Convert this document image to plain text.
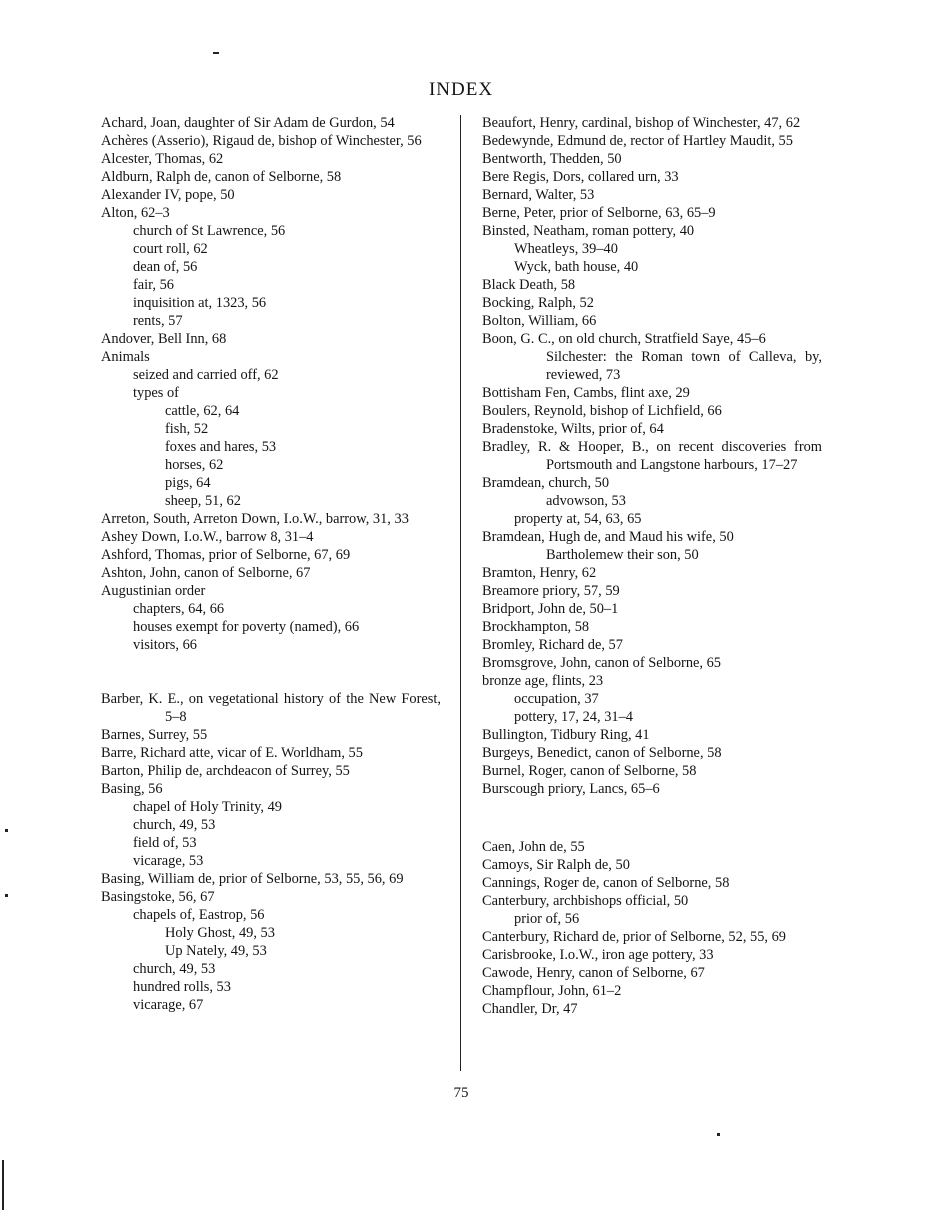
INDEX
Achard, Joan, daughter of Sir Adam de Gurdon, 54
Achères (Asserio), Rigaud de, bishop of Winchester, 56
Alcester, Thomas, 62
Aldburn, Ralph de, canon of Selborne, 58
Alexander IV, pope, 50
Alton, 62–3
church of St Lawrence, 56
court roll, 62
dean of, 56
fair, 56
inquisition at, 1323, 56
rents, 57
Andover, Bell Inn, 68
Animals
seized and carried off, 62
types of
cattle, 62, 64
fish, 52
foxes and hares, 53
horses, 62
pigs, 64
sheep, 51, 62
Arreton, South, Arreton Down, I.o.W., barrow, 31, 33
Ashey Down, I.o.W., barrow 8, 31–4
Ashford, Thomas, prior of Selborne, 67, 69
Ashton, John, canon of Selborne, 67
Augustinian order
chapters, 64, 66
houses exempt for poverty (named), 66
visitors, 66
Barber, K. E., on vegetational history of the New Forest, 5–8
Barnes, Surrey, 55
Barre, Richard atte, vicar of E. Worldham, 55
Barton, Philip de, archdeacon of Surrey, 55
Basing, 56
chapel of Holy Trinity, 49
church, 49, 53
field of, 53
vicarage, 53
Basing, William de, prior of Selborne, 53, 55, 56, 69
Basingstoke, 56, 67
chapels of, Eastrop, 56
Holy Ghost, 49, 53
Up Nately, 49, 53
church, 49, 53
hundred rolls, 53
vicarage, 67
Beaufort, Henry, cardinal, bishop of Winchester, 47, 62
Bedewynde, Edmund de, rector of Hartley Maudit, 55
Bentworth, Thedden, 50
Bere Regis, Dors, collared urn, 33
Bernard, Walter, 53
Berne, Peter, prior of Selborne, 63, 65–9
Binsted, Neatham, roman pottery, 40
Wheatleys, 39–40
Wyck, bath house, 40
Black Death, 58
Bocking, Ralph, 52
Bolton, William, 66
Boon, G. C., on old church, Stratfield Saye, 45–6
Silchester: the Roman town of Calleva, by, reviewed, 73
Bottisham Fen, Cambs, flint axe, 29
Boulers, Reynold, bishop of Lichfield, 66
Bradenstoke, Wilts, prior of, 64
Bradley, R. & Hooper, B., on recent discoveries from Portsmouth and Langstone harbours, 17–27
Bramdean, church, 50
advowson, 53
property at, 54, 63, 65
Bramdean, Hugh de, and Maud his wife, 50
Bartholemew their son, 50
Bramton, Henry, 62
Breamore priory, 57, 59
Bridport, John de, 50–1
Brockhampton, 58
Bromley, Richard de, 57
Bromsgrove, John, canon of Selborne, 65
bronze age, flints, 23
occupation, 37
pottery, 17, 24, 31–4
Bullington, Tidbury Ring, 41
Burgeys, Benedict, canon of Selborne, 58
Burnel, Roger, canon of Selborne, 58
Burscough priory, Lancs, 65–6
Caen, John de, 55
Camoys, Sir Ralph de, 50
Cannings, Roger de, canon of Selborne, 58
Canterbury, archbishops official, 50
prior of, 56
Canterbury, Richard de, prior of Selborne, 52, 55, 69
Carisbrooke, I.o.W., iron age pottery, 33
Cawode, Henry, canon of Selborne, 67
Champflour, John, 61–2
Chandler, Dr, 47
75
